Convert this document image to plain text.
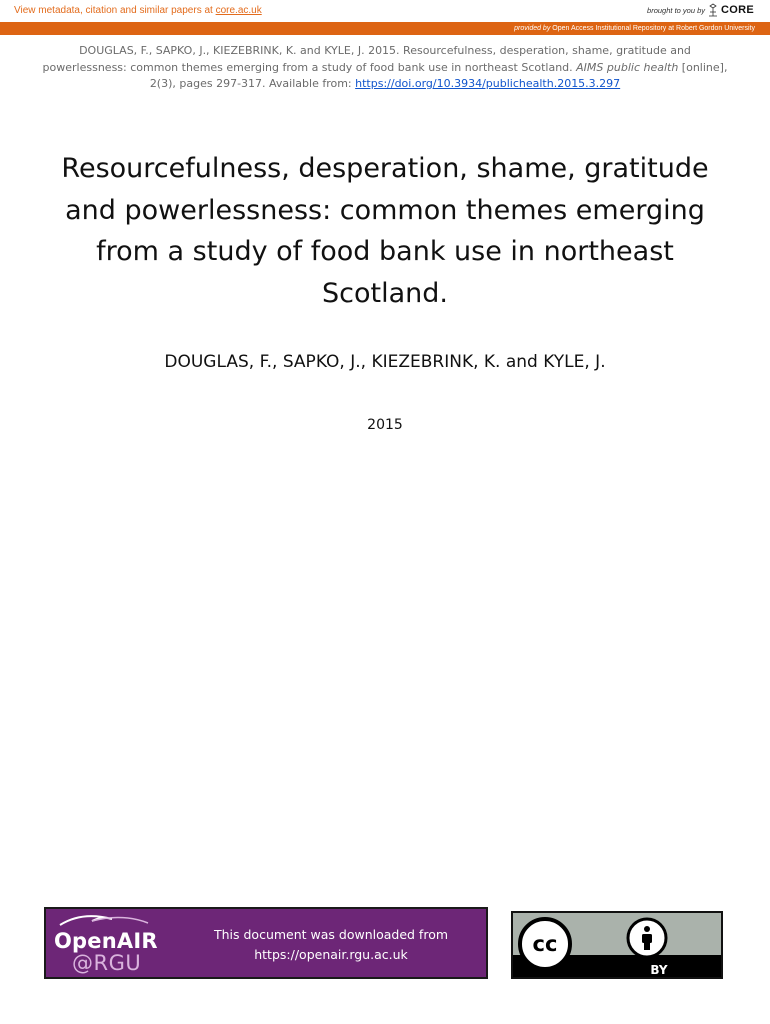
View metadata, citation and similar papers at core.ac.uk	brought to you by CORE
provided by Open Access Institutional Repository at Robert Gordon University
DOUGLAS, F., SAPKO, J., KIEZEBRINK, K. and KYLE, J. 2015. Resourcefulness, desperation, shame, gratitude and powerlessness: common themes emerging from a study of food bank use in northeast Scotland. AIMS public health [online], 2(3), pages 297-317. Available from: https://doi.org/10.3934/publichealth.2015.3.297
Resourcefulness, desperation, shame, gratitude and powerlessness: common themes emerging from a study of food bank use in northeast Scotland.
DOUGLAS, F., SAPKO, J., KIEZEBRINK, K. and KYLE, J.
2015
OpenAIR
@RGU
This document was downloaded from
https://openair.rgu.ac.uk	cc
BY
